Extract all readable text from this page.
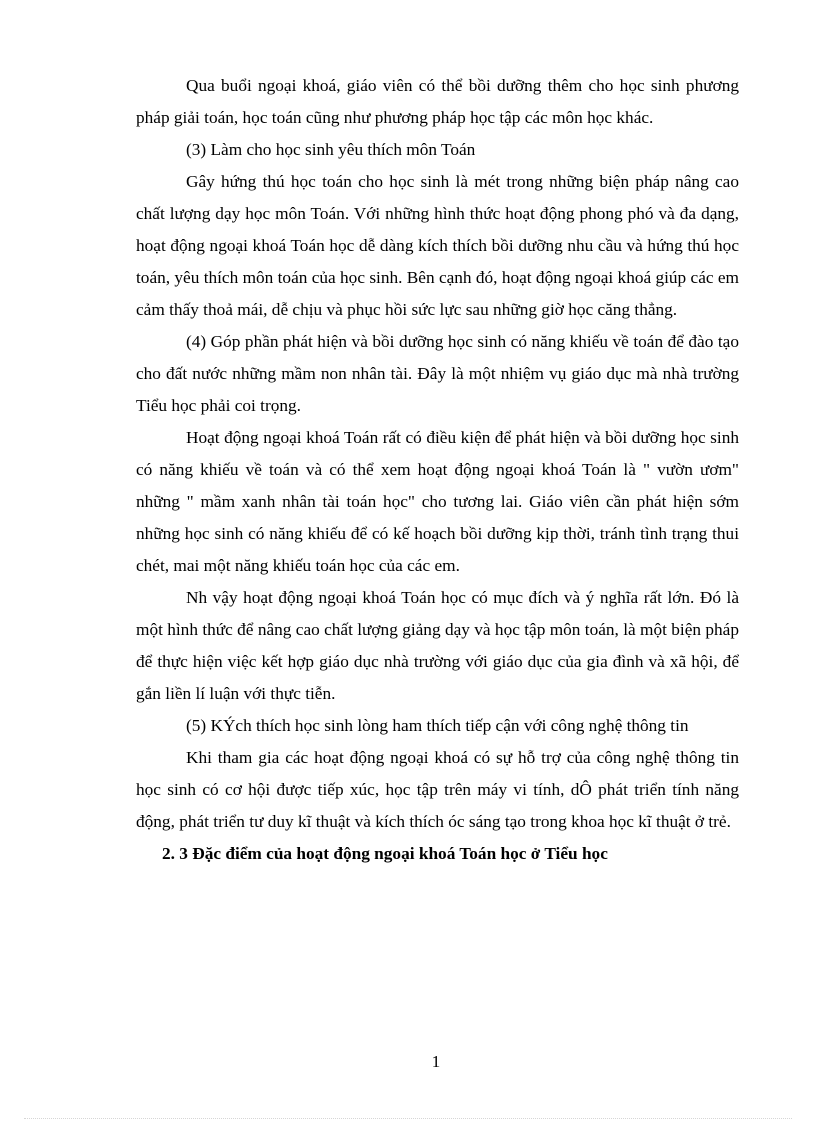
Qua buổi ngoại khoá, giáo viên có thể bồi dưỡng thêm cho học sinh phương pháp giải toán, học toán cũng như phương pháp học tập các môn học khác.

(3) Làm cho học sinh yêu thích môn Toán

Gây hứng thú học toán cho học sinh là mét trong những biện pháp nâng cao chất lượng dạy học môn Toán. Với những hình thức hoạt động phong phó và đa dạng, hoạt động ngoại khoá Toán học dễ dàng kích thích bồi dưỡng nhu cầu và hứng thú học toán, yêu thích môn toán của học sinh. Bên cạnh đó, hoạt động ngoại khoá giúp các em cảm thấy thoả mái, dễ chịu và phục hồi sức lực sau những giờ học căng thẳng.

(4) Góp phần phát hiện và bồi dưỡng học sinh có năng khiếu về toán để đào tạo cho đất nước những mầm non nhân tài. Đây là một nhiệm vụ giáo dục mà nhà trường Tiểu học phải coi trọng.

Hoạt động ngoại khoá Toán rất có điều kiện để phát hiện và bồi dưỡng học sinh có năng khiếu về toán và có thể xem hoạt động ngoại khoá Toán là " vườn ươm" những " mầm xanh nhân tài toán học" cho tương lai. Giáo viên cần phát hiện sớm những học sinh có năng khiếu để có kế hoạch bồi dưỡng kịp thời, tránh tình trạng thui chét, mai một năng khiếu toán học của các em.

Nh vậy hoạt động ngoại khoá Toán học có mục đích và ý nghĩa rất lớn. Đó là một hình thức để nâng cao chất lượng giảng dạy và học tập môn toán, là một biện pháp để thực hiện việc kết hợp giáo dục nhà trường với giáo dục của gia đình và xã hội, để gắn liền lí luận với thực tiễn.

(5) KÝch thích học sinh lòng ham thích tiếp cận với công nghệ thông tin

Khi tham gia các hoạt động ngoại khoá có sự hỗ trợ của công nghệ thông tin học sinh có cơ hội được tiếp xúc, học tập trên máy vi tính, dÔ phát triển tính năng động, phát triển tư duy kĩ thuật và kích thích óc sáng tạo trong khoa học kĩ thuật ở trẻ.

2. 3 Đặc điểm của hoạt động ngoại khoá Toán học ở Tiểu học

1
